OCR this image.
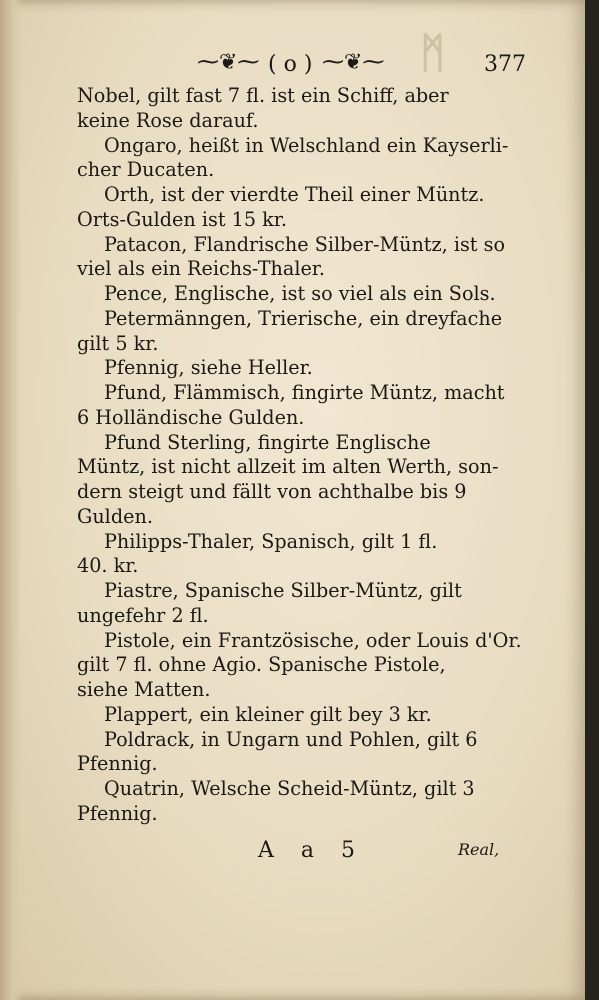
ᛗ
⁓❦⁓ ( o ) ⁓❦⁓	377
Nobel, gilt fast 7 fl. ist ein Schiff, aber
keine Rose darauf.
Ongaro, heißt in Welschland ein Kayserli-
cher Ducaten.
Orth, ist der vierdte Theil einer Müntz.
Orts-Gulden ist 15 kr.
Patacon, Flandrische Silber-Müntz, ist so
viel als ein Reichs-Thaler.
Pence, Englische, ist so viel als ein Sols.
Petermänngen, Trierische, ein dreyfache
gilt 5 kr.
Pfennig, siehe Heller.
Pfund, Flämmisch, fingirte Müntz, macht
6 Holländische Gulden.
Pfund Sterling, fingirte Englische
Müntz, ist nicht allzeit im alten Werth, son-
dern steigt und fällt von achthalbe bis 9
Gulden.
Philipps-Thaler, Spanisch, gilt 1 fl.
40. kr.
Piastre, Spanische Silber-Müntz, gilt
ungefehr 2 fl.
Pistole, ein Frantzösische, oder Louis d'Or.
gilt 7 fl. ohne Agio. Spanische Pistole,
siehe Matten.
Plappert, ein kleiner gilt bey 3 kr.
Poldrack, in Ungarn und Pohlen, gilt 6
Pfennig.
Quatrin, Welsche Scheid-Müntz, gilt 3
Pfennig.
A a 5	Real,
